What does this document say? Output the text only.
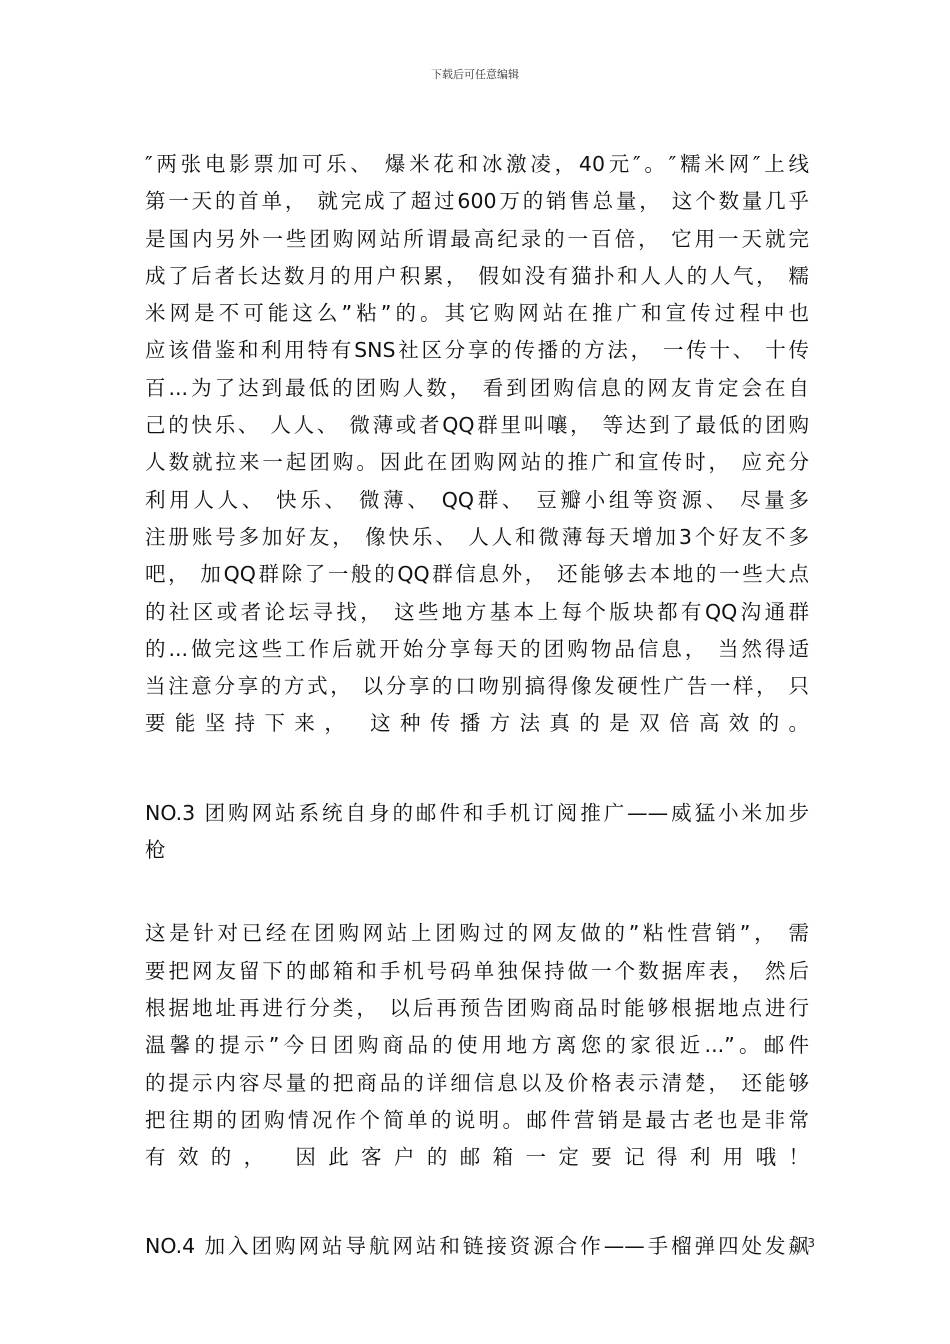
下载后可任意编辑
″两张电影票加可乐、 爆米花和冰激凌，40元″。″糯米网″上线
第一天的首单， 就完成了超过600万的销售总量， 这个数量几乎
是国内另外一些团购网站所谓最高纪录的一百倍， 它用一天就完
成了后者长达数月的用户积累， 假如没有猫扑和人人的人气， 糯
米网是不可能这么”粘”的。其它购网站在推广和宣传过程中也
应该借鉴和利用特有SNS社区分享的传播的方法， 一传十、 十传
百...为了达到最低的团购人数， 看到团购信息的网友肯定会在自
己的快乐、 人人、 微薄或者QQ群里叫嚷， 等达到了最低的团购
人数就拉来一起团购。因此在团购网站的推广和宣传时， 应充分
利用人人、 快乐、 微薄、 QQ群、 豆瓣小组等资源、 尽量多
注册账号多加好友， 像快乐、 人人和微薄每天增加3个好友不多
吧， 加QQ群除了一般的QQ群信息外， 还能够去本地的一些大点
的社区或者论坛寻找， 这些地方基本上每个版块都有QQ沟通群
的...做完这些工作后就开始分享每天的团购物品信息， 当然得适
当注意分享的方式， 以分享的口吻别搞得像发硬性广告一样， 只
要能坚持下来， 这种传播方法真的是双倍高效的。
NO.3 团购网站系统自身的邮件和手机订阅推广——威猛小米加步
枪
这是针对已经在团购网站上团购过的网友做的”粘性营销”， 需
要把网友留下的邮箱和手机号码单独保持做一个数据库表， 然后
根据地址再进行分类， 以后再预告团购商品时能够根据地点进行
温馨的提示”今日团购商品的使用地方离您的家很近...”。邮件
的提示内容尽量的把商品的详细信息以及价格表示清楚， 还能够
把往期的团购情况作个简单的说明。邮件营销是最古老也是非常
有效的， 因此客户的邮箱一定要记得利用哦！
NO.4 加入团购网站导航网站和链接资源合作——手榴弹四处发飙
3
